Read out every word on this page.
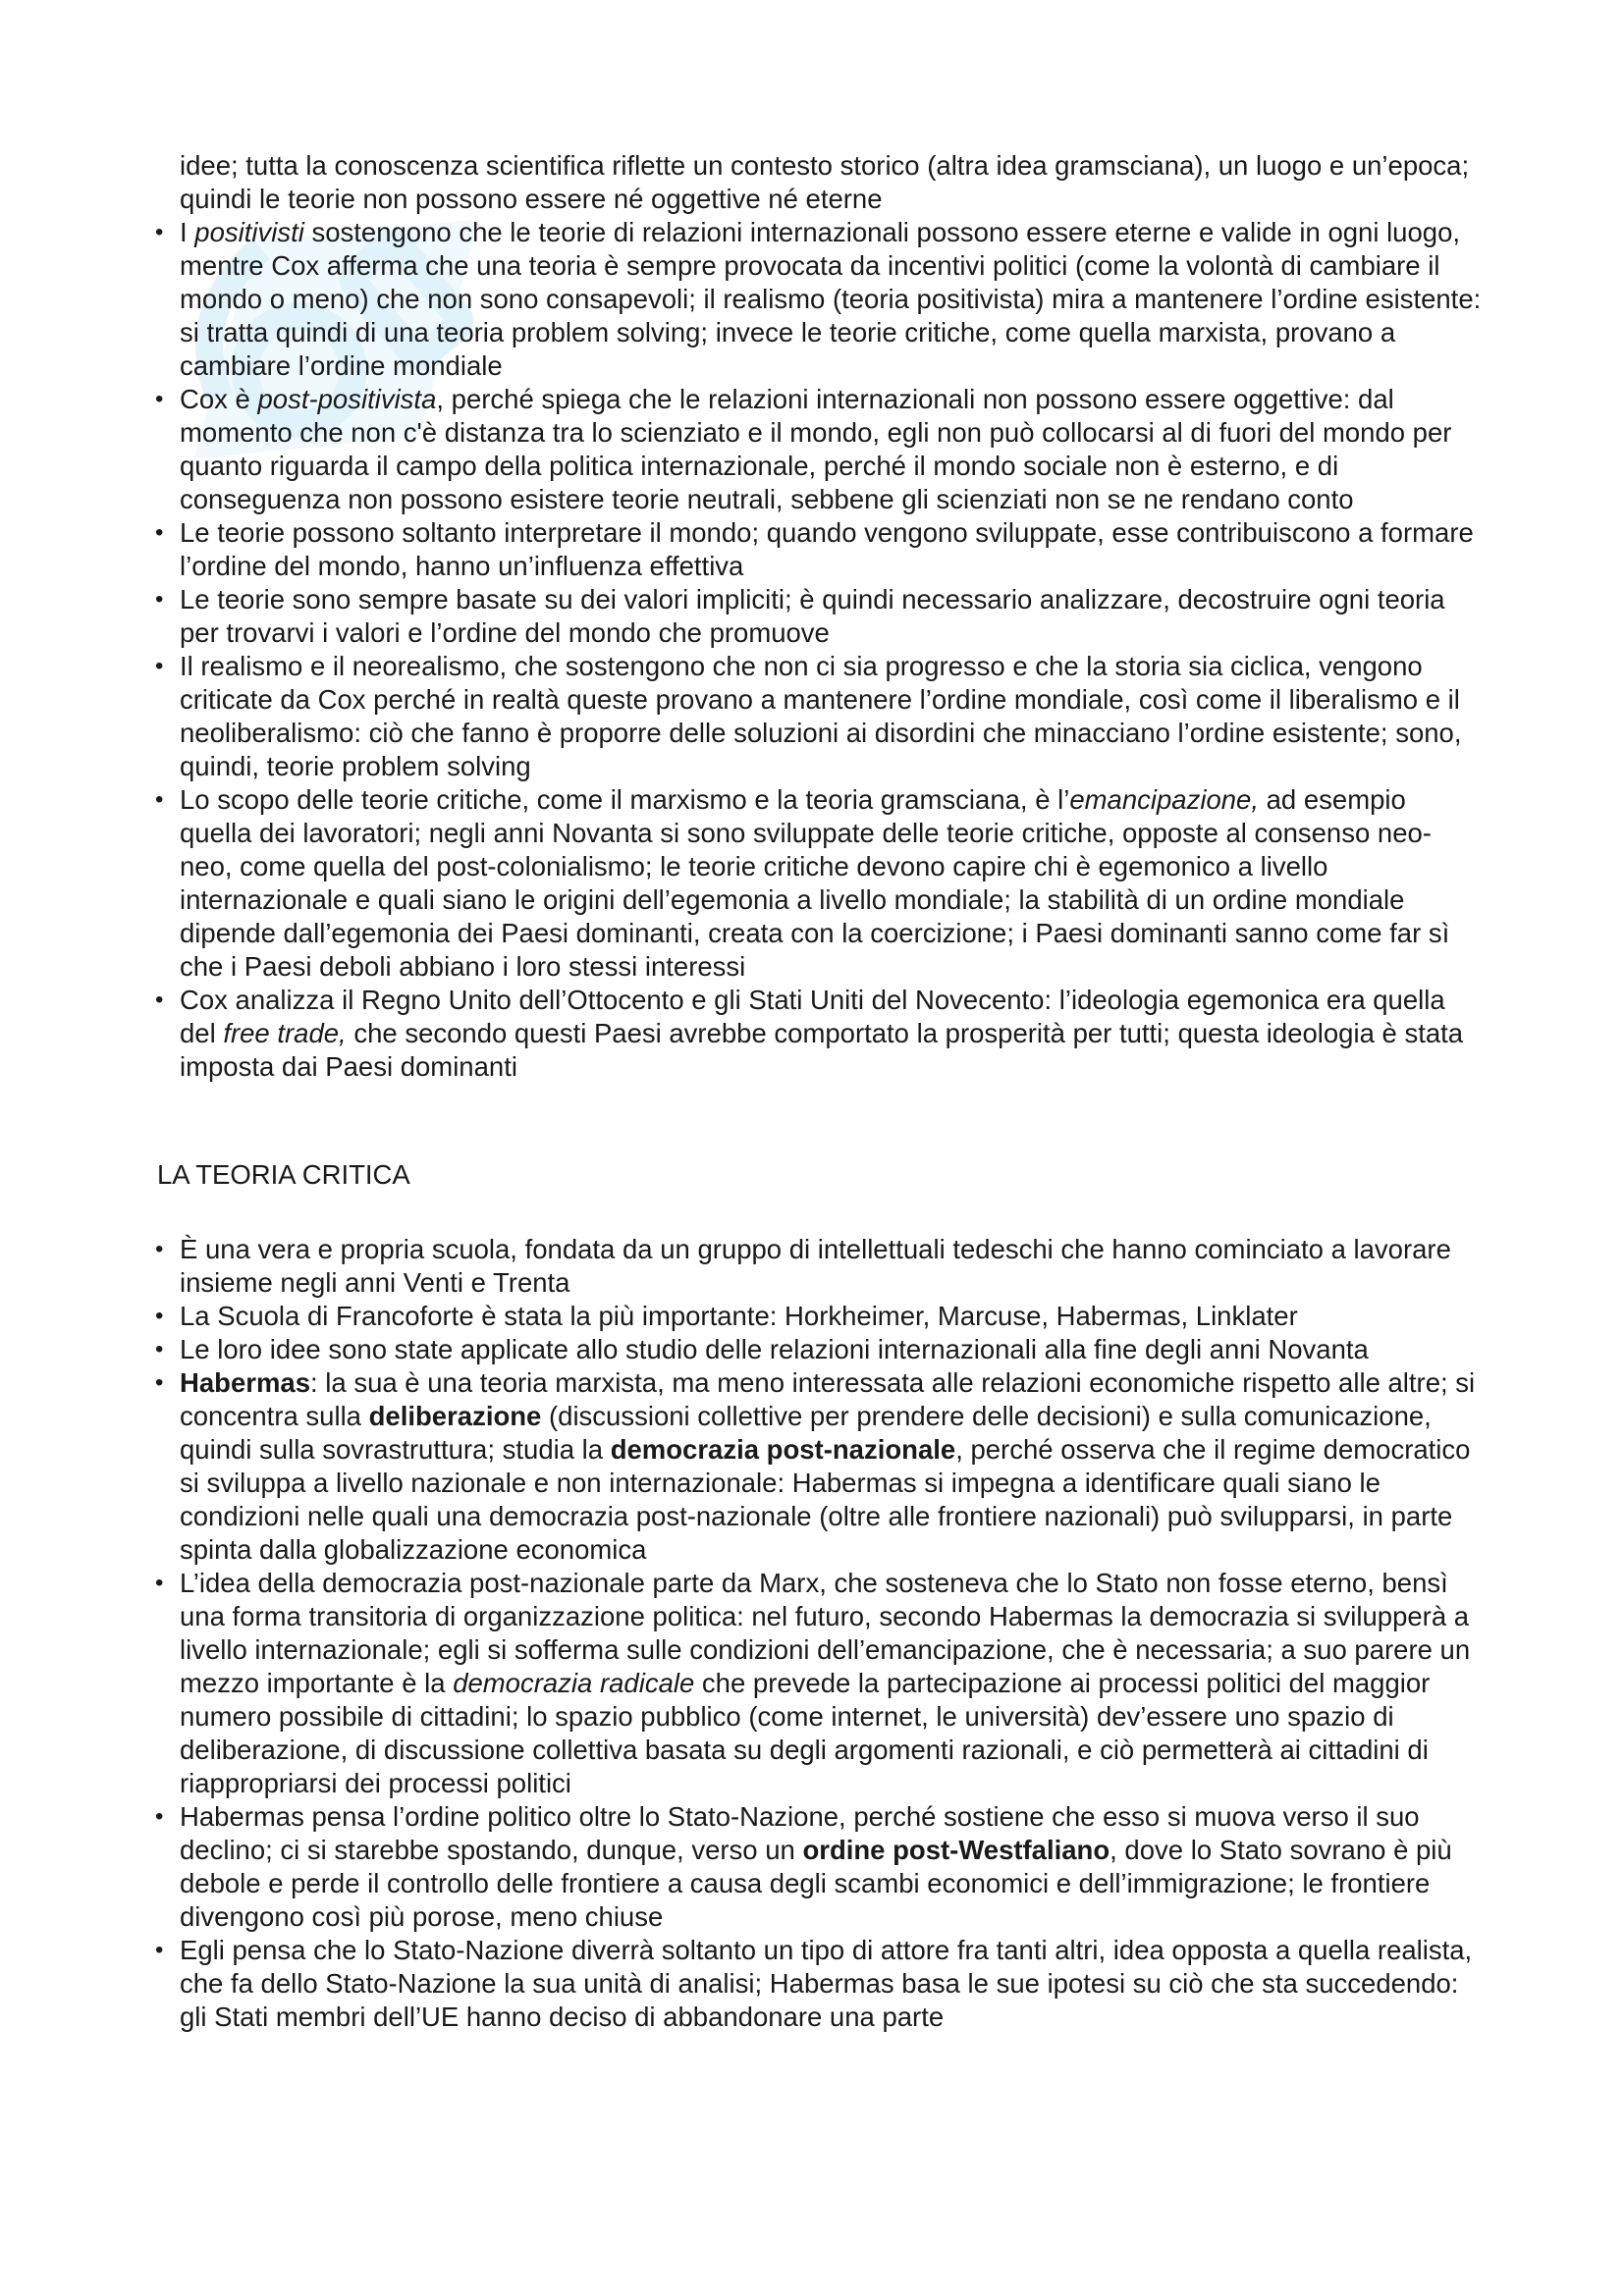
idee; tutta la conoscenza scientifica riflette un contesto storico (altra idea gramsciana), un luogo e un’epoca; quindi le teorie non possono essere né oggettive né eterne
• I positivisti sostengono che le teorie di relazioni internazionali possono essere eterne e valide in ogni luogo, mentre Cox afferma che una teoria è sempre provocata da incentivi politici (come la volontà di cambiare il mondo o meno) che non sono consapevoli; il realismo (teoria positivista) mira a mantenere l’ordine esistente: si tratta quindi di una teoria problem solving; invece le teorie critiche, come quella marxista, provano a cambiare l’ordine mondiale
• Cox è post-positivista, perché spiega che le relazioni internazionali non possono essere oggettive: dal momento che non c'è distanza tra lo scienziato e il mondo, egli non può collocarsi al di fuori del mondo per quanto riguarda il campo della politica internazionale, perché il mondo sociale non è esterno, e di conseguenza non possono esistere teorie neutrali, sebbene gli scienziati non se ne rendano conto
• Le teorie possono soltanto interpretare il mondo; quando vengono sviluppate, esse contribuiscono a formare l’ordine del mondo, hanno un’influenza effettiva
• Le teorie sono sempre basate su dei valori impliciti; è quindi necessario analizzare, decostruire ogni teoria per trovarvi i valori e l’ordine del mondo che promuove
• Il realismo e il neorealismo, che sostengono che non ci sia progresso e che la storia sia ciclica, vengono criticate da Cox perché in realtà queste provano a mantenere l’ordine mondiale, così come il liberalismo e il neoliberalismo: ciò che fanno è proporre delle soluzioni ai disordini che minacciano l’ordine esistente; sono, quindi, teorie problem solving
• Lo scopo delle teorie critiche, come il marxismo e la teoria gramsciana, è l’emancipazione, ad esempio quella dei lavoratori; negli anni Novanta si sono sviluppate delle teorie critiche, opposte al consenso neo-neo, come quella del post-colonialismo; le teorie critiche devono capire chi è egemonico a livello internazionale e quali siano le origini dell’egemonia a livello mondiale; la stabilità di un ordine mondiale dipende dall’egemonia dei Paesi dominanti, creata con la coercizione; i Paesi dominanti sanno come far sì che i Paesi deboli abbiano i loro stessi interessi
• Cox analizza il Regno Unito dell’Ottocento e gli Stati Uniti del Novecento: l’ideologia egemonica era quella del free trade, che secondo questi Paesi avrebbe comportato la prosperità per tutti; questa ideologia è stata imposta dai Paesi dominanti
LA TEORIA CRITICA
• È una vera e propria scuola, fondata da un gruppo di intellettuali tedeschi che hanno cominciato a lavorare insieme negli anni Venti e Trenta
• La Scuola di Francoforte è stata la più importante: Horkheimer, Marcuse, Habermas, Linklater
• Le loro idee sono state applicate allo studio delle relazioni internazionali alla fine degli anni Novanta
• Habermas: la sua è una teoria marxista, ma meno interessata alle relazioni economiche rispetto alle altre; si concentra sulla deliberazione (discussioni collettive per prendere delle decisioni) e sulla comunicazione, quindi sulla sovrastruttura; studia la democrazia post-nazionale, perché osserva che il regime democratico si sviluppa a livello nazionale e non internazionale: Habermas si impegna a identificare quali siano le condizioni nelle quali una democrazia post-nazionale (oltre alle frontiere nazionali) può svilupparsi, in parte spinta dalla globalizzazione economica
• L’idea della democrazia post-nazionale parte da Marx, che sosteneva che lo Stato non fosse eterno, bensì una forma transitoria di organizzazione politica: nel futuro, secondo Habermas la democrazia si svilupperà a livello internazionale; egli si sofferma sulle condizioni dell’emancipazione, che è necessaria; a suo parere un mezzo importante è la democrazia radicale che prevede la partecipazione ai processi politici del maggior numero possibile di cittadini; lo spazio pubblico (come internet, le università) dev’essere uno spazio di deliberazione, di discussione collettiva basata su degli argomenti razionali, e ciò permetterà ai cittadini di riappropriarsi dei processi politici
• Habermas pensa l’ordine politico oltre lo Stato-Nazione, perché sostiene che esso si muova verso il suo declino; ci si starebbe spostando, dunque, verso un ordine post-Westfaliano, dove lo Stato sovrano è più debole e perde il controllo delle frontiere a causa degli scambi economici e dell’immigrazione; le frontiere divengono così più porose, meno chiuse
• Egli pensa che lo Stato-Nazione diverrà soltanto un tipo di attore fra tanti altri, idea opposta a quella realista, che fa dello Stato-Nazione la sua unità di analisi; Habermas basa le sue ipotesi su ciò che sta succedendo: gli Stati membri dell’UE hanno deciso di abbandonare una parte
